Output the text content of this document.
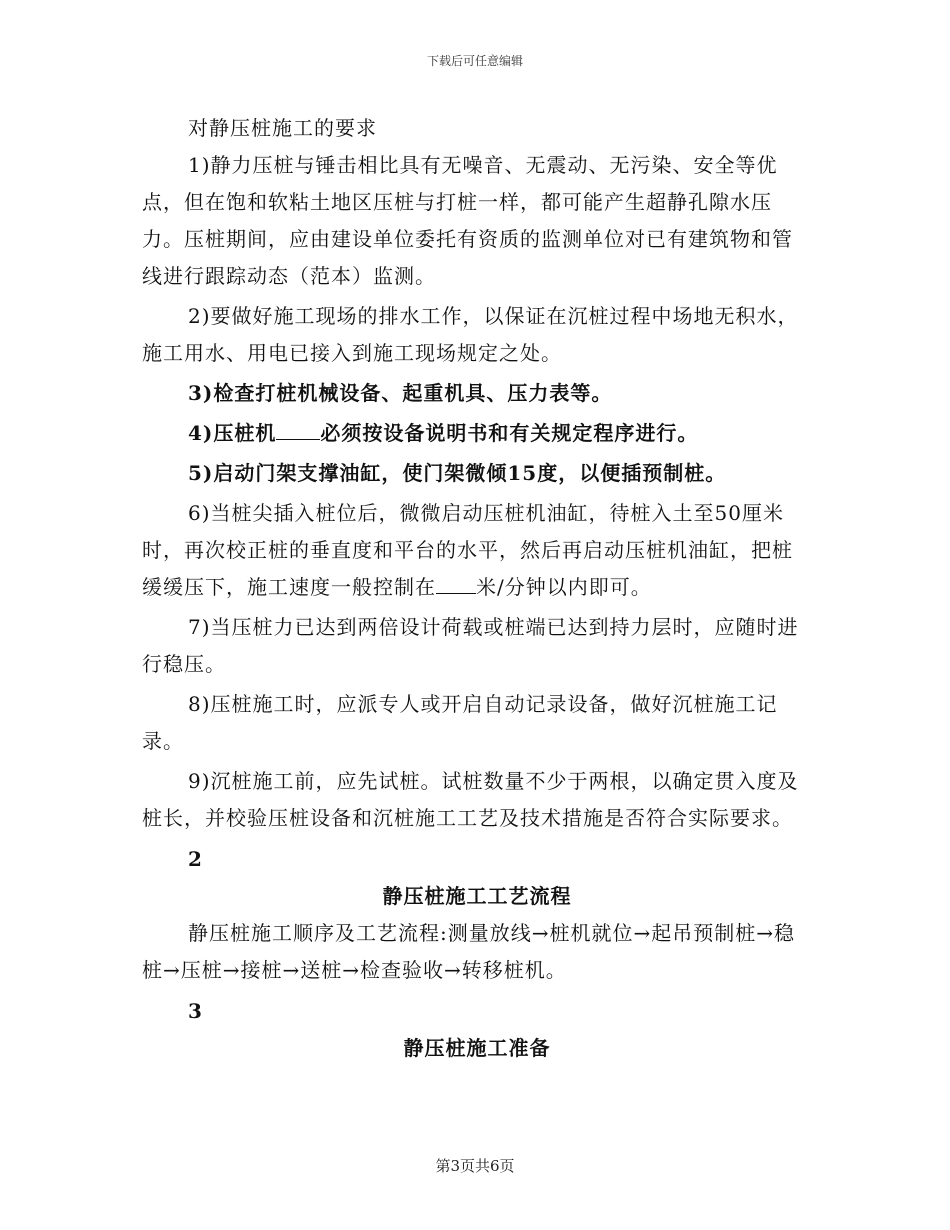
下载后可任意编辑

对静压桩施工的要求

1)静力压桩与锤击相比具有无噪音、无震动、无污染、安全等优点，但在饱和软粘土地区压桩与打桩一样，都可能产生超静孔隙水压力。压桩期间，应由建设单位委托有资质的监测单位对已有建筑物和管线进行跟踪动态（范本）监测。

2)要做好施工现场的排水工作，以保证在沉桩过程中场地无积水，施工用水、用电已接入到施工现场规定之处。

3)检查打桩机械设备、起重机具、压力表等。

4)压桩机 必须按设备说明书和有关规定程序进行。

5)启动门架支撑油缸，使门架微倾15度，以便插预制桩。

6)当桩尖插入桩位后，微微启动压桩机油缸，待桩入土至50厘米时，再次校正桩的垂直度和平台的水平，然后再启动压桩机油缸，把桩缓缓压下，施工速度一般控制在 米/分钟以内即可。

7)当压桩力已达到两倍设计荷载或桩端已达到持力层时，应随时进行稳压。

8)压桩施工时，应派专人或开启自动记录设备，做好沉桩施工记录。

9)沉桩施工前，应先试桩。试桩数量不少于两根，以确定贯入度及桩长，并校验压桩设备和沉桩施工工艺及技术措施是否符合实际要求。

2

静压桩施工工艺流程

静压桩施工顺序及工艺流程:测量放线→桩机就位→起吊预制桩→稳桩→压桩→接桩→送桩→检查验收→转移桩机。

3

静压桩施工准备

第3页共6页
